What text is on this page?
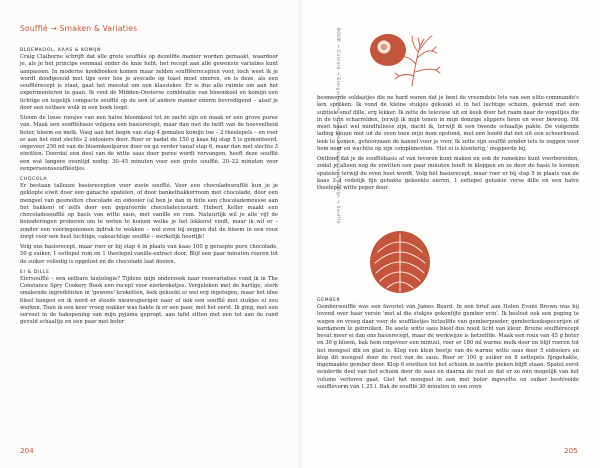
Soufflé → Smaken & Variaties
BLOEMKOOL, KAAS & KOMIJN

Craig Claiborne schrijft dat alle grote soufflés op dezelfde manier worden gemaakt, waardoor je, als je het principe eenmaal onder de knie hebt, het recept aan alle gewenste variaties kunt aanpassen. In moderne kookboeken komen maar zelden souffléerecepten voor, toch weet ik je wordt doodgeooid met tips over hoe je avocado op toast moet smeren, en is deze, als een soufflérecept is staat, gaat het meestal om een klassieker. Er is dus alle ruimte om aan het experimenteren te gaan. Ik vind de Midden-Oosterse combinatie van bloemkool en komijn een lichtige en tegelijk compacte soufflé op de een of andere manier enorm bevredigend – alsof je door een eetbare wolk in een boek loopt.

Stoom de losse roosjes van een halve bloemkool tot ze zacht zijn en maak er een grove puree van. Maak een soufflébasis volgens een basisrecept, maar dan met de helft van de hoeveelheid boter, bloem en melk. Voeg aan het begin van stap 4 gemalen komijn toe – 2 theelepels – en roer er aan het eind slechts 2 eidooiers door. Roer er nadat de 150 g kaas bij stap 5 is gemonteerd, ongeveer 250 ml van de bloemkoolpuree door en ga verder vanaf stap 6, maar dan met slechts 3 eiwitten. Doordat een deel van de witte saus door puree wordt vervangen, heeft deze soufflé een wat langere oventijd nodig: 30–45 minuten voor een grote soufflé, 20–22 minuten voor eenpersoonssouffléetjes.

CHOCOLA

Er bestaan tallooze basisrecepten voor zoete soufflé. Voor een chocoladesoufflé kun je je geklopte eiwit door een ganache spatelen, of door bankethakkerroom met chocolade, door een mengsel van gesmolten chocolade en eidooier (al ben je dan in feite een chocolademousse aan het bakken) of zelfs door een gepureerde chocoladecustard. Hubert Keller maakt een chocoladesoufflé op basis van witte saus, met vanille en rum. Natuurlijk wil je alle vijf de benaderingen proberen om te weten te komen welke je het lekkerst vindt, maar ik wil er – zonder een vooringenomen indruk te wekken – wel even bij zeggen dat de bloem in een roux zorgt voor een heel luchtige, cakeachtige soufflé – werkelijk heerlijk!

Volg ons basisrecept, maar roer er bij stap 4 in plaats van kaas 100 g geraspte pure chocolade, 50 g suiker, 1 eetlepel rum en 1 theelepel vanille-extract door. Blijf een paar minuten roeren tot de suiker volledig is opgelost en de chocolade laat dooien.

EI & DILLE

Eiersoufflé – een eetbare tautologie? Tijdens mijn onderzoek naar roosvariaties vond ik in The Constance Spry Cookery Book een recept voor eierkroketjes. Vergeleken met de hartige, sterk smakende ingrediënten in 'gewone' kroketten, leek gekookt ei wel erg ingetogen, maar het idee bleef hangen en ik werd er steeds nieuwsgieriger naar of ook een soufflé met stukjes ei zou werken. Toen ik een keer vroeg wakker was hakte ik er een paar, met het eerst. Ik ging, met een serveet in de hakopening van mijn pyjama gepropt, aan tafel zitten met een tot aan de rand gevuld schaaltje en een paar met boter

204
BOOK → Custard → Eiergerechten → Soufflé → Bloemkool & Komijn → Soufflé

besmeerde soldaatjes die ne hard waren dat je bent de vreemdste lets van een elite-commando's ken spreken. Ik vond de kleine stukjes gekookt ei in het luchtige schuim, gekruid met een subtiele snuf dille, erg lekker. Ik zette de televisie uit en keek door het raam naar de vogeltjes die in de tuin scharrelden, terwijl ik mijn tenen in mijn donzige slippers heen en weer bewoog. Dit moet haast wel mindfulness zijn, dacht ik, terwijl ik een tweede schaaltje pakte. De volgende lading keuun met uit de oven toen mijn man opstond, met een hoofd dat net uit een scheerkwast leek te komen, gehoorzaam de kanzel voor je voor. Ik zette zijn soufflé zonder iets te zeggen voor hem neer en wachtte op zijn complimenten. 'Het ei is klonterig,' mopperde hij.

Ontbind dat je de soufflébasis af van tevoren kunt maken en ook de ramekins kunt voorbereiden, zodat je alleen nog de eiwitten een paar minuten hoeft te kloppen en ze door de basis te kunnen spatelen terwijl de oven heet wordt. Volg het basisrecept, maar roer er bij stap 5 in plaats van de kaas 3–4 redelijk fijn gehakte gekookte eieren, 1 eetlepel gehakte verse dille en een halve theelepel witte peper door.

GEMBER

Gembersoufflé was een favoriet van James Beard. In een brief aan Helen Evans Brown was hij lovend over haar versie 'met al die stukjes gekonfijte gember erin'. Ik besloot ook een poging te wagen en vroeg daar voor de souffléetjes hetzelfde van gemberpoeder, gemberkookspecerijen of kardamom te gebruiken. De soete witte saus bleef dus nooit licht van kleur. Bruine soufflérecept bevat meer ei dan ons basisrecept, maar de werkwijze is hetzelfde. Maak een roux van 45 g boter en 30 g bloem, bak hem ongeveer een minuut, roer er 180 ml warme melk door en blijf roeren tot het mengsel dik en glad is. Klop een klein beetje van de warme witte saus door 5 eidooiers en klop dit mengsel door de rest van de saus. Roer er 100 g suiker en 8 eetlepels fijngehakte, ingemaakte gember door. Klop 6 eiwitten tot het schuim in zachte pieken blijft staan. Spatel eerst eenderde deel van het schuim door de saus en daarna de rest zo dat er zo min mogelijk van het volume verloren gaat. Giet het mengsel in een met boter ingevette en suiker bestrooide soufflévorm van 1,25 l. Bak de soufflé 30 minuten in een oven

205
